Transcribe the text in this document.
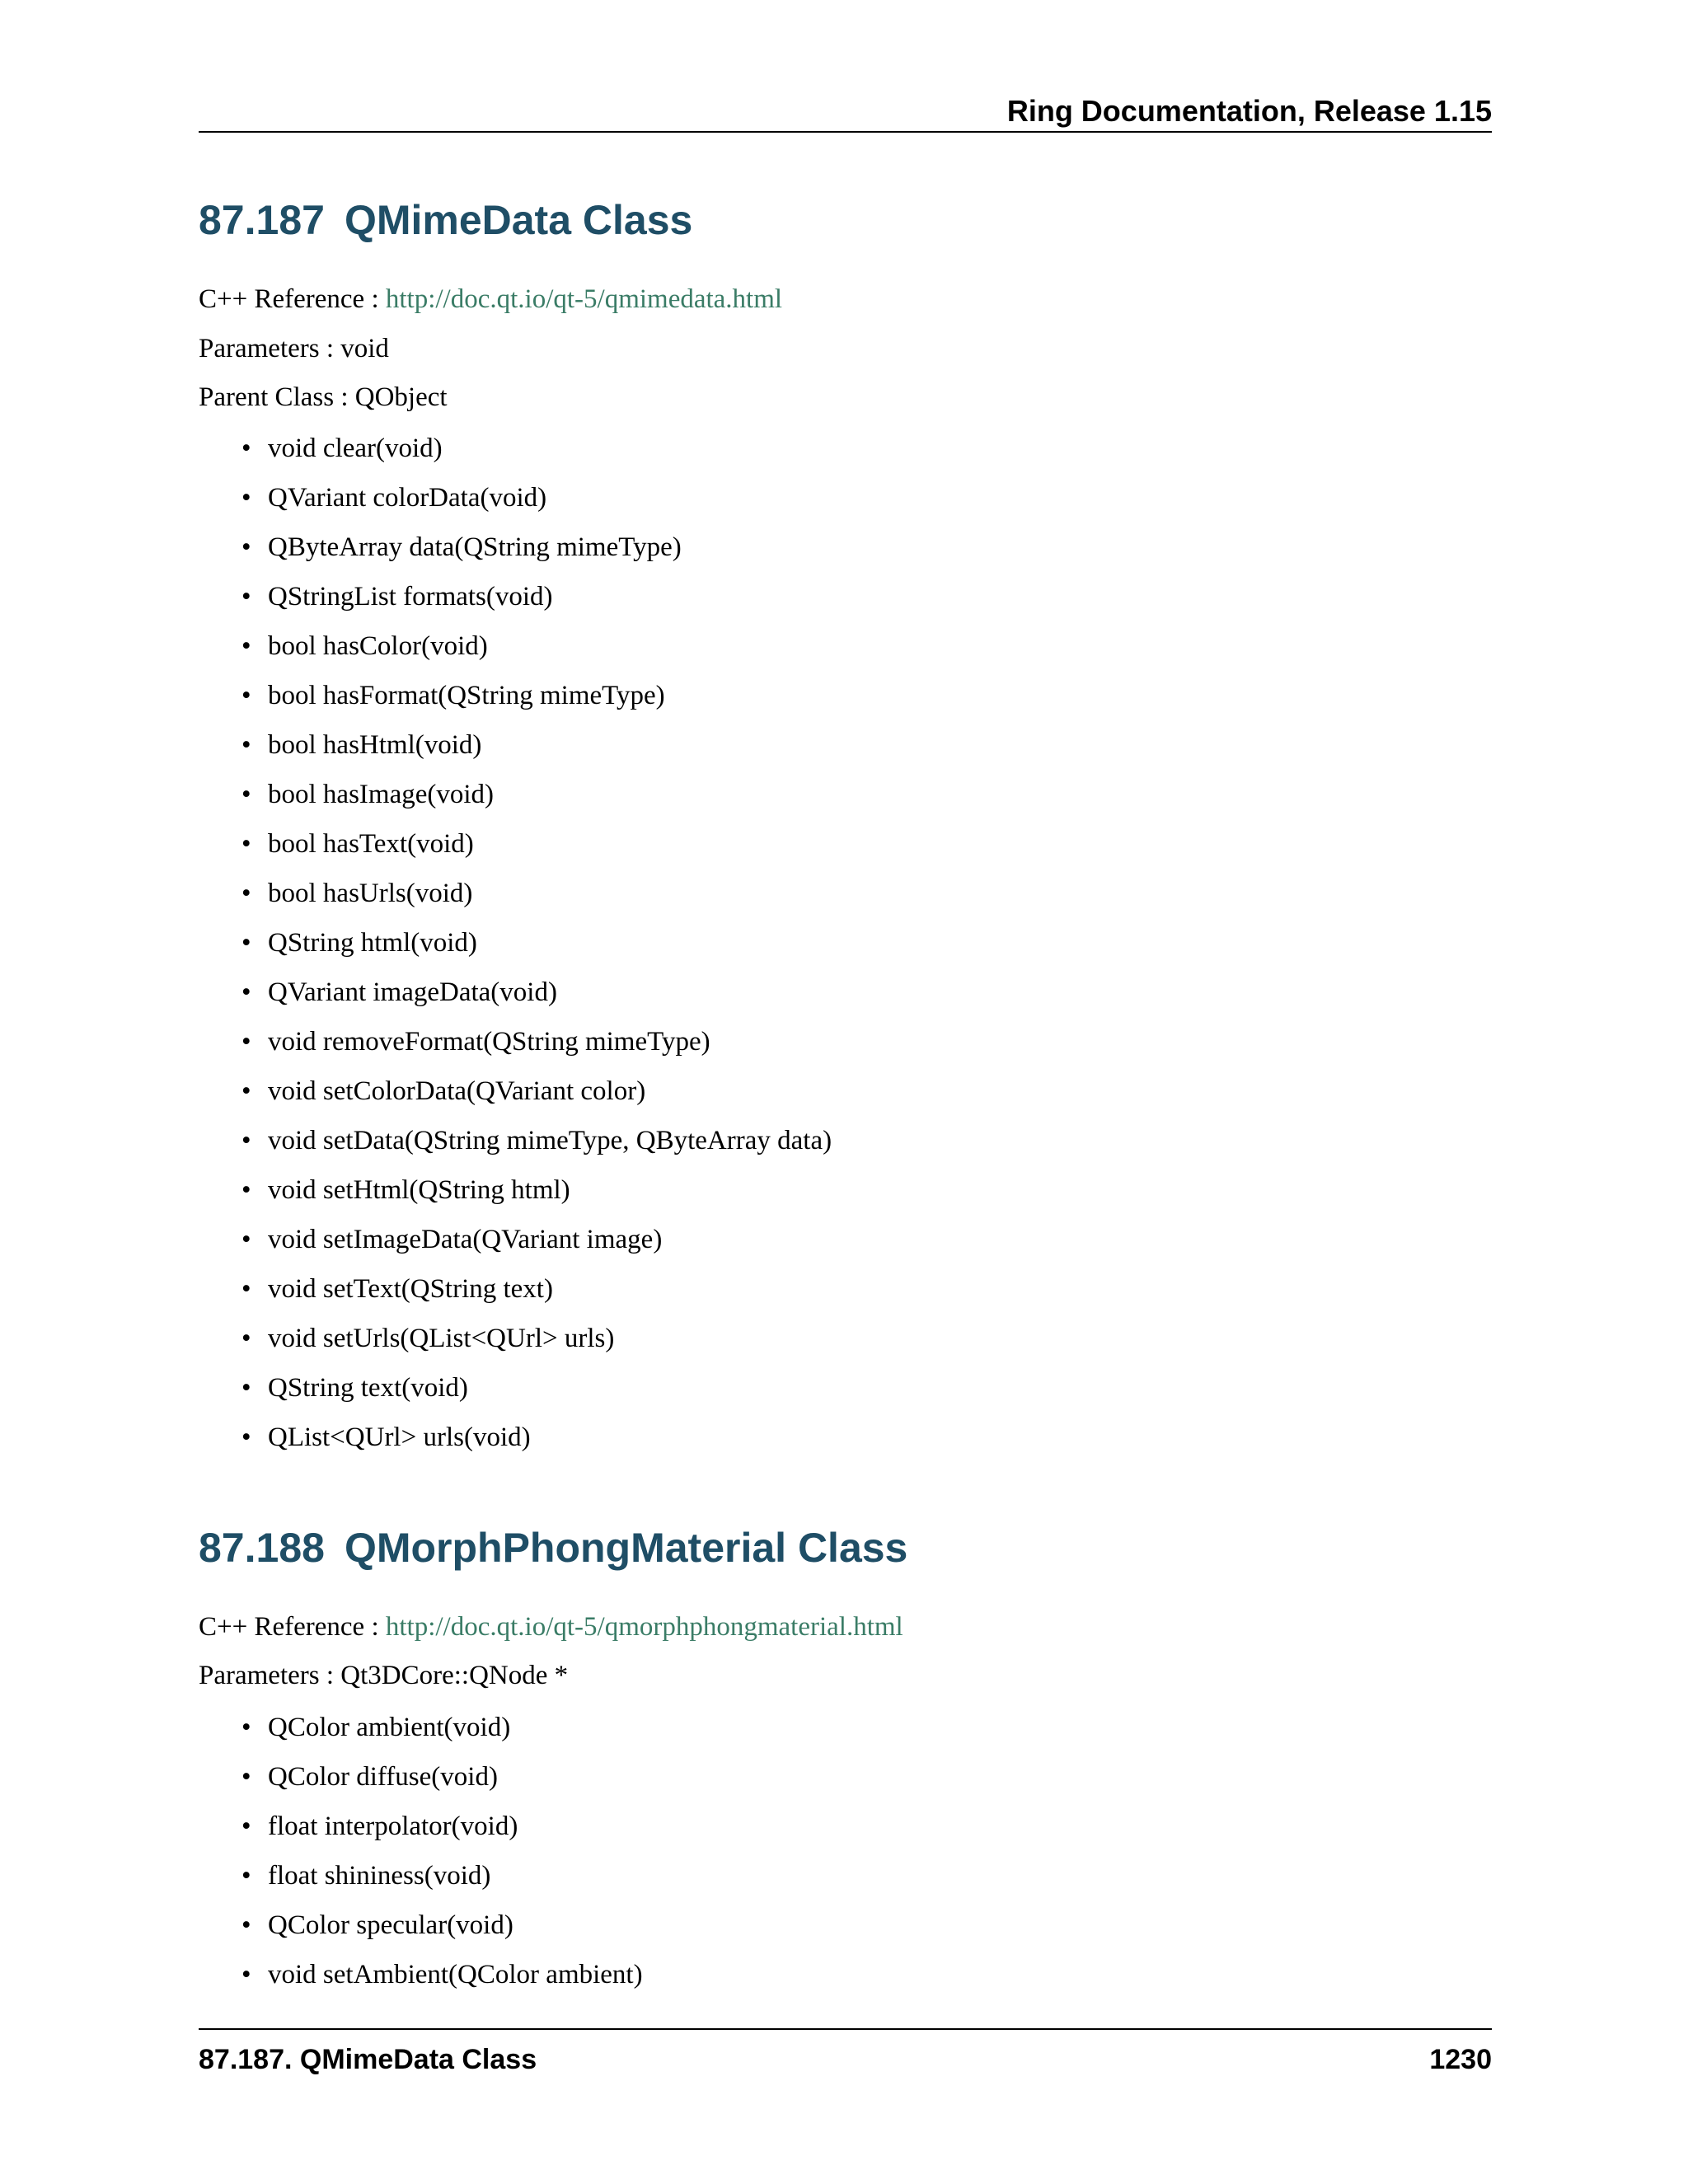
Ring Documentation, Release 1.15
87.187 QMimeData Class

C++ Reference : http://doc.qt.io/qt-5/qmimedata.html

Parameters : void

Parent Class : QObject

• void clear(void)
• QVariant colorData(void)
• QByteArray data(QString mimeType)
• QStringList formats(void)
• bool hasColor(void)
• bool hasFormat(QString mimeType)
• bool hasHtml(void)
• bool hasImage(void)
• bool hasText(void)
• bool hasUrls(void)
• QString html(void)
• QVariant imageData(void)
• void removeFormat(QString mimeType)
• void setColorData(QVariant color)
• void setData(QString mimeType, QByteArray data)
• void setHtml(QString html)
• void setImageData(QVariant image)
• void setText(QString text)
• void setUrls(QList<QUrl> urls)
• QString text(void)
• QList<QUrl> urls(void)
87.188 QMorphPhongMaterial Class

C++ Reference : http://doc.qt.io/qt-5/qmorphphongmaterial.html

Parameters : Qt3DCore::QNode *

• QColor ambient(void)
• QColor diffuse(void)
• float interpolator(void)
• float shininess(void)
• QColor specular(void)
• void setAmbient(QColor ambient)
87.187. QMimeData Class	1230
